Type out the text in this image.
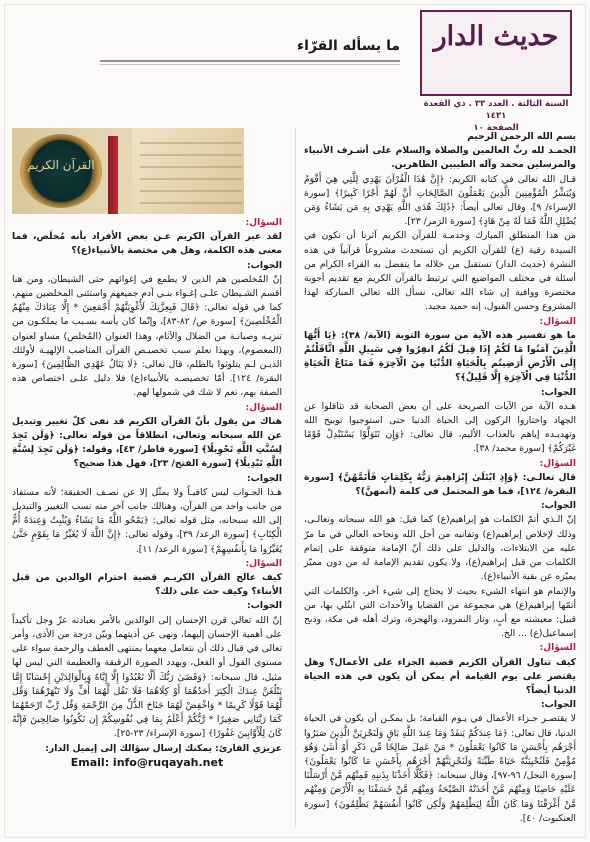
حديث الدار
السنة الثالثة . العدد ٣٣ . ذي القعدة ١٤٣١
الصفحة ١٠
ما يسأله القرّاء
القرآن الكريم

بسم الله الرحمن الرحيم

الحمـد لله ربِّ العالمين والصلاة والسلام على أشـرف الأنبياء والمرسلين محمد وآله الطيبين الطاهرين.

قـال الله تعالى في كتابه الكريم: ﴿إِنَّ هَٰذَا الْقُرْآنَ يَهْدِي لِلَّتِي هِيَ أَقْوَمُ وَيُبَشِّرُ الْمُؤْمِنِينَ الَّذِينَ يَعْمَلُونَ الصَّالِحَاتِ أَنَّ لَهُمْ أَجْرًا كَبِيرًا﴾ [سورة الإسراء/ ٩]، وقال تعالى أيضاً: ﴿ذَٰلِكَ هُدَى اللَّهِ يَهْدِي بِهِ مَن يَشَاءُ وَمَن يُضْلِلِ اللَّهُ فَمَا لَهُ مِنْ هَادٍ﴾ [سورة الزمر/ ٢٣].

من هذا المنطلق المبارك وخدمـة للقرآن الكريم آثرنا أن تكون في السيدة رقية (ع) للقرآن الكريم أن تستحدث مشروعاً قرآنياً في هذه النشرة (حديث الدار) تستقبل من خلاله ما يتفضل به القراء الكرام من أسئلة في مختلف المواضيع التي ترتبط بالقرآن الكريم مع تقديم أجوبة مختصرة ووافية إن شاء الله تعالى، نسأل الله تعالى المباركة لهذا المشروع وحسن القبول، إنه حميد مجيد.

السؤال:

ما هو تفسير هذه الآية من سورة التوبة (الآية/ ٣٨): ﴿يَا أَيُّهَا الَّذِينَ آمَنُوا مَا لَكُمْ إِذَا قِيلَ لَكُمُ انفِرُوا فِي سَبِيلِ اللَّهِ اثَّاقَلْتُمْ إِلَى الْأَرْضِ أَرَضِيتُم بِالْحَيَاةِ الدُّنْيَا مِنَ الْآخِرَةِ فَمَا مَتَاعُ الْحَيَاةِ الدُّنْيَا فِي الْآخِرَةِ إِلَّا قَلِيلٌ﴾؟

الجواب:

هـذه الآية من الآيات الصريحة على أن بعض الصحابة قد تثاقلوا عن الجهاد واختاروا الركون إلى الحياة الدنيا حتى استوجبوا توبيخ الله وتهديـده إياهم بالعذاب الأليم، قال تعالى: ﴿وَإِن تَتَوَلَّوْا يَسْتَبْدِلْ قَوْمًا غَيْرَكُمْ﴾ [سورة محمد/ ٣٨].

السؤال:

قال تعالـى: ﴿وَإِذِ ابْتَلَىٰ إِبْرَاهِيمَ رَبُّهُ بِكَلِمَاتٍ فَأَتَمَّهُنَّ﴾ [سورة البقرة/ ١٢٤]، فما هو المحتمل في كلمة (أتمهنَّ)؟

الجواب:

إنّ الـذي أتمّ الكلمات هو إبراهيم(ع) كما قيل: هو الله سبحانه وتعالـى، وذلك لإخلاص إبراهيم(ع) وتفانيه من أجل الله ونجاحه العالي في ما مرّ عليه من الابتلاءات، والدليل على ذلك أنّ الإمامة متوقفة على إتمام الكلمات من قبل إبراهيم(ع)، ولا يكون تقديم الإمامة له من دون مميّز يميّزه عن بقية الأنبياء(ع).

والإتمام هو انتهاء الشيء بحيث لا يحتاج إلى شيء آخر، والكلمات التي أتمّها إبراهيم(ع) هي مجموعة من القضايا والأحداث التي ابتُلي بها، من قبيل: معيشته مع أبٍ، ونار النمرود، والهجرة، وترك أهله في مكة، وذبح إسماعيل(ع) ... الخ.

السؤال:

كيف تناول القرآن الكريم قضية الجزاء على الأعمال؟ وهل يقتصر على يوم القيامة أم يمكن أن يكون في هذه الحياة الدنيا أيضاً؟

الجواب:

لا يقتصـر جـزاء الأعمال في يـوم القيامة؛ بل يمكـن أن يكون في الحياة الدنيا، قال تعالى: ﴿مَا عِندَكُمْ يَنفَدُ وَمَا عِندَ اللَّهِ بَاقٍ وَلَنَجْزِيَنَّ الَّذِينَ صَبَرُوا أَجْرَهُم بِأَحْسَنِ مَا كَانُوا يَعْمَلُونَ * مَنْ عَمِلَ صَالِحًا مِّن ذَكَرٍ أَوْ أُنثَىٰ وَهُوَ مُؤْمِنٌ فَلَنُحْيِيَنَّهُ حَيَاةً طَيِّبَةً وَلَنَجْزِيَنَّهُمْ أَجْرَهُم بِأَحْسَنِ مَا كَانُوا يَعْمَلُونَ﴾ [سورة النحل/ ٩٦-٩٧]، وقال سبحانه: ﴿فَكُلًّا أَخَذْنَا بِذَنبِهِ فَمِنْهُم مَّنْ أَرْسَلْنَا عَلَيْهِ حَاصِبًا وَمِنْهُم مَّنْ أَخَذَتْهُ الصَّيْحَةُ وَمِنْهُم مَّنْ خَسَفْنَا بِهِ الْأَرْضَ وَمِنْهُم مَّنْ أَغْرَقْنَا وَمَا كَانَ اللَّهُ لِيَظْلِمَهُمْ وَلَٰكِن كَانُوا أَنفُسَهُمْ يَظْلِمُونَ﴾ [سورة العنكبوت/ ٤٠].

السؤال:

لقد عبر القرآن الكريم عـن بعض الأفراد بأنه مُخلَص، فما معنى هذه الكلمة، وهل هي مختصة بالأنبياء(ع)؟

الجواب:

إنّ المُخلصين هم الذين لا يطمع في إغوائهم حتى الشيطان، ومن هنا أقسم الشـيطان علـى إغـواء بنـي آدم جميعهم واستثنى المخلصين منهم، كما في قوله تعالى: ﴿قَالَ فَبِعِزَّتِكَ لَأُغْوِيَنَّهُمْ أَجْمَعِينَ * إِلَّا عِبَادَكَ مِنْهُمُ الْمُخْلَصِينَ﴾ [سورة ص/ ٨٢-٨٣]، وإنّما كان يأسه بسـبب ما يملكـون من تنزيـه وصيانـة من الضلال والآثام، وهذا العنوان (المُخلص) مساو لعنوان (المعصوم)، وبهذا نعلم سبب تخصيـص القرآن المناصب الإلهيـة لأولئك الذيـن لـم يتلوثوا بالظلم، قال تعالى: ﴿لَا يَنَالُ عَهْدِي الظَّالِمِينَ﴾ [سورة البقرة/ ١٢٤]. أمّا تخصيصـه بالأنبياء(ع) فلا دليل علـى اختصاص هذه الصفة بهم، نعم لا شك في شمولها لهم.

السؤال:

هناك من يقول بأنّ القرآن الكريم قد نفى كلّ تغيير وتبديل عن الله سبحانه وتعالى، انطلاقاً من قوله تعالى: ﴿وَلَن تَجِدَ لِسُنَّتِ اللَّهِ تَحْوِيلًا﴾ [سورة فاطر/ ٤٣]، وقوله: ﴿وَلَن تَجِدَ لِسُنَّةِ اللَّهِ تَبْدِيلًا﴾ [سورة الفتح/ ٢٣]، فهل هذا صحيح؟

الجواب:

هـذا الجـواب ليس كافيـاً ولا يمثّل إلا عن نصـف الحقيقة؛ لأنه مستفاد من جانب واحد من القرآن، وهنالك جانب آخر منه نسب التغيير والتبديل إلى الله سبحانه، مثل قوله تعالى: ﴿يَمْحُو اللَّهُ مَا يَشَاءُ وَيُثْبِتُ وَعِندَهُ أُمُّ الْكِتَابِ﴾ [سورة الرعد/ ٣٩]، وقوله تعالى: ﴿إِنَّ اللَّهَ لَا يُغَيِّرُ مَا بِقَوْمٍ حَتَّىٰ يُغَيِّرُوا مَا بِأَنفُسِهِمْ﴾ [سورة الرعد/ ١١].

السؤال:

كيف عالج القرآن الكريـم قضية احترام الوالدين من قبل الأبناء؟ وكيف حث على ذلك؟

الجواب:

إنّ الله تعالى قرن الإحسان إلى الوالدين بالأمر بعبادته عزّ وجل تأكيداً على أهمية الإحسان إليهما، ونهى عن أذيتهما وبيّن درجة من الأذى، وأمر تعالى في قبال ذلك أن نتعامل معهما بمنتهى العطف والرحمة سواء على مستوى القول أو الفعل، ويهدد الصورة الرقيقة والعظيمة التي ليس لها مثيل، قال سبحانه: ﴿وَقَضَىٰ رَبُّكَ أَلَّا تَعْبُدُوا إِلَّا إِيَّاهُ وَبِالْوَالِدَيْنِ إِحْسَانًا إِمَّا يَبْلُغَنَّ عِندَكَ الْكِبَرَ أَحَدُهُمَا أَوْ كِلَاهُمَا فَلَا تَقُل لَّهُمَا أُفٍّ وَلَا تَنْهَرْهُمَا وَقُل لَّهُمَا قَوْلًا كَرِيمًا * وَاخْفِضْ لَهُمَا جَنَاحَ الذُّلِّ مِنَ الرَّحْمَةِ وَقُل رَّبِّ ارْحَمْهُمَا كَمَا رَبَّيَانِي صَغِيرًا * رَّبُّكُمْ أَعْلَمُ بِمَا فِي نُفُوسِكُمْ إِن تَكُونُوا صَالِحِينَ فَإِنَّهُ كَانَ لِلْأَوَّابِينَ غَفُورًا﴾ [سورة الإسراء/ ٢٣-٢٥].

عزيزي القارئ: يمكنك إرسال سؤالك إلى إيميل الدار:

Email: info@ruqayah.net
